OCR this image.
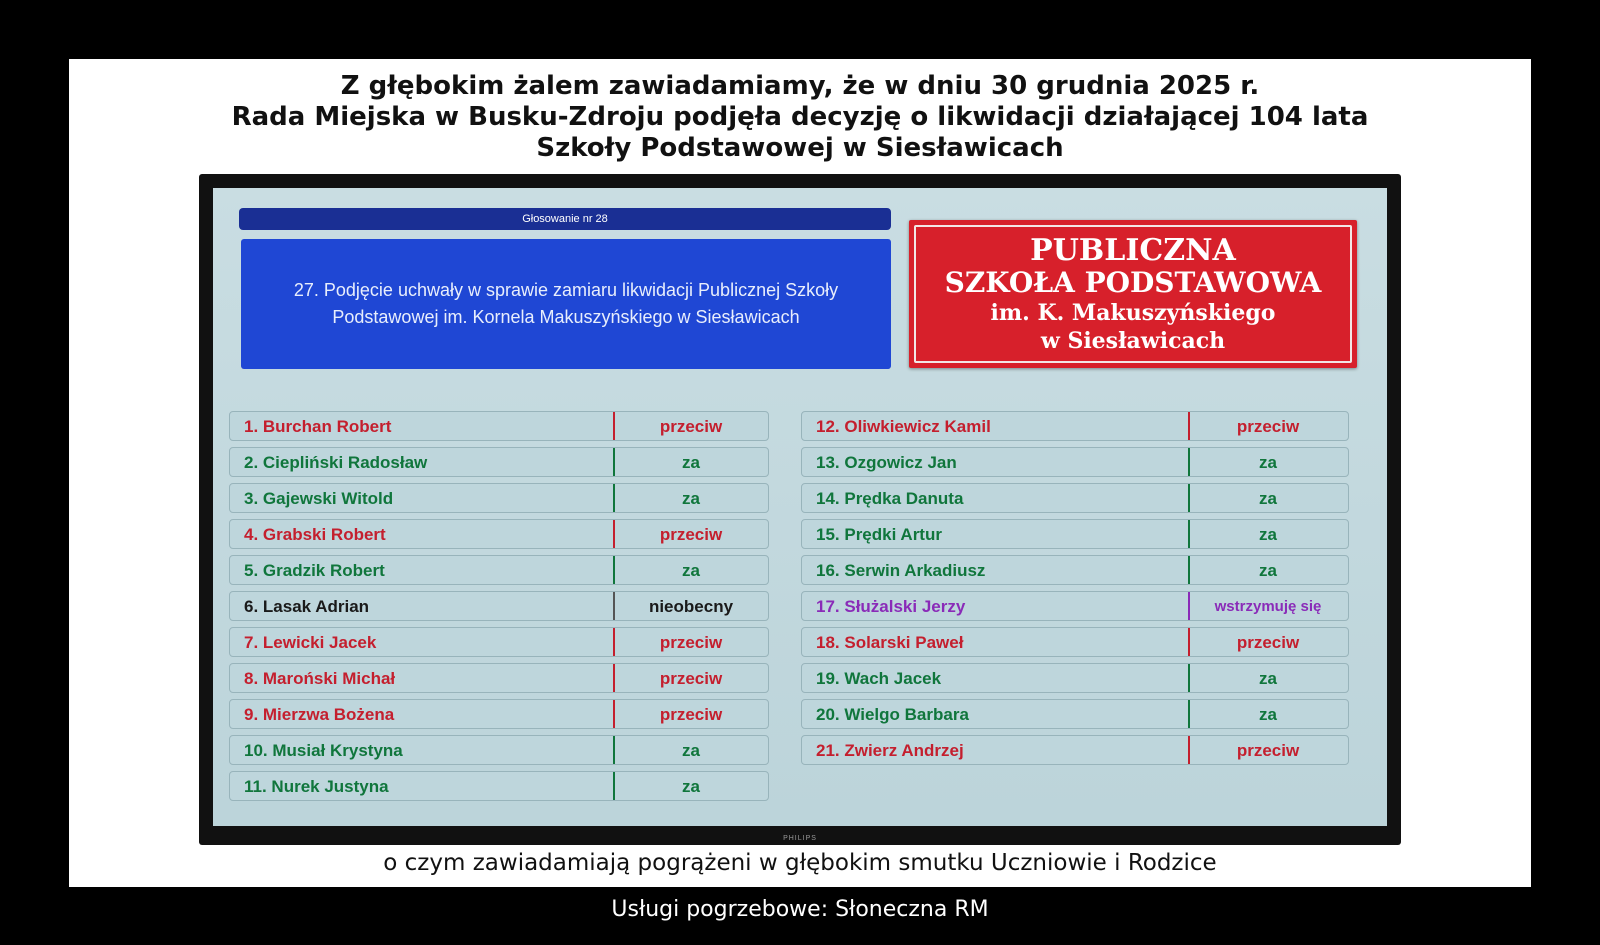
Z głębokim żalem zawiadamiamy, że w dniu 30 grudnia 2025 r.
Rada Miejska w Busku-Zdroju podjęła decyzję o likwidacji działającej 104 lata
Szkoły Podstawowej w Siesławicach
Głosowanie nr 28
27. Podjęcie uchwały w sprawie zamiaru likwidacji Publicznej Szkoły
Podstawowej im. Kornela Makuszyńskiego w Siesławicach
PUBLICZNA
SZKOŁA PODSTAWOWA
im. K. Makuszyńskiego
w Siesławicach
1. Burchan Robert	przeciw
2. Ciepliński Radosław	za
3. Gajewski Witold	za
4. Grabski Robert	przeciw
5. Gradzik Robert	za
6. Lasak Adrian	nieobecny
7. Lewicki Jacek	przeciw
8. Maroński Michał	przeciw
9. Mierzwa Bożena	przeciw
10. Musiał Krystyna	za
11. Nurek Justyna	za
12. Oliwkiewicz Kamil	przeciw
13. Ozgowicz Jan	za
14. Prędka Danuta	za
15. Prędki Artur	za
16. Serwin Arkadiusz	za
17. Służalski Jerzy	wstrzymuję się
18. Solarski Paweł	przeciw
19. Wach Jacek	za
20. Wielgo Barbara	za
21. Zwierz Andrzej	przeciw
PHILIPS
o czym zawiadamiają pogrążeni w głębokim smutku Uczniowie i Rodzice
Usługi pogrzebowe: Słoneczna RM
